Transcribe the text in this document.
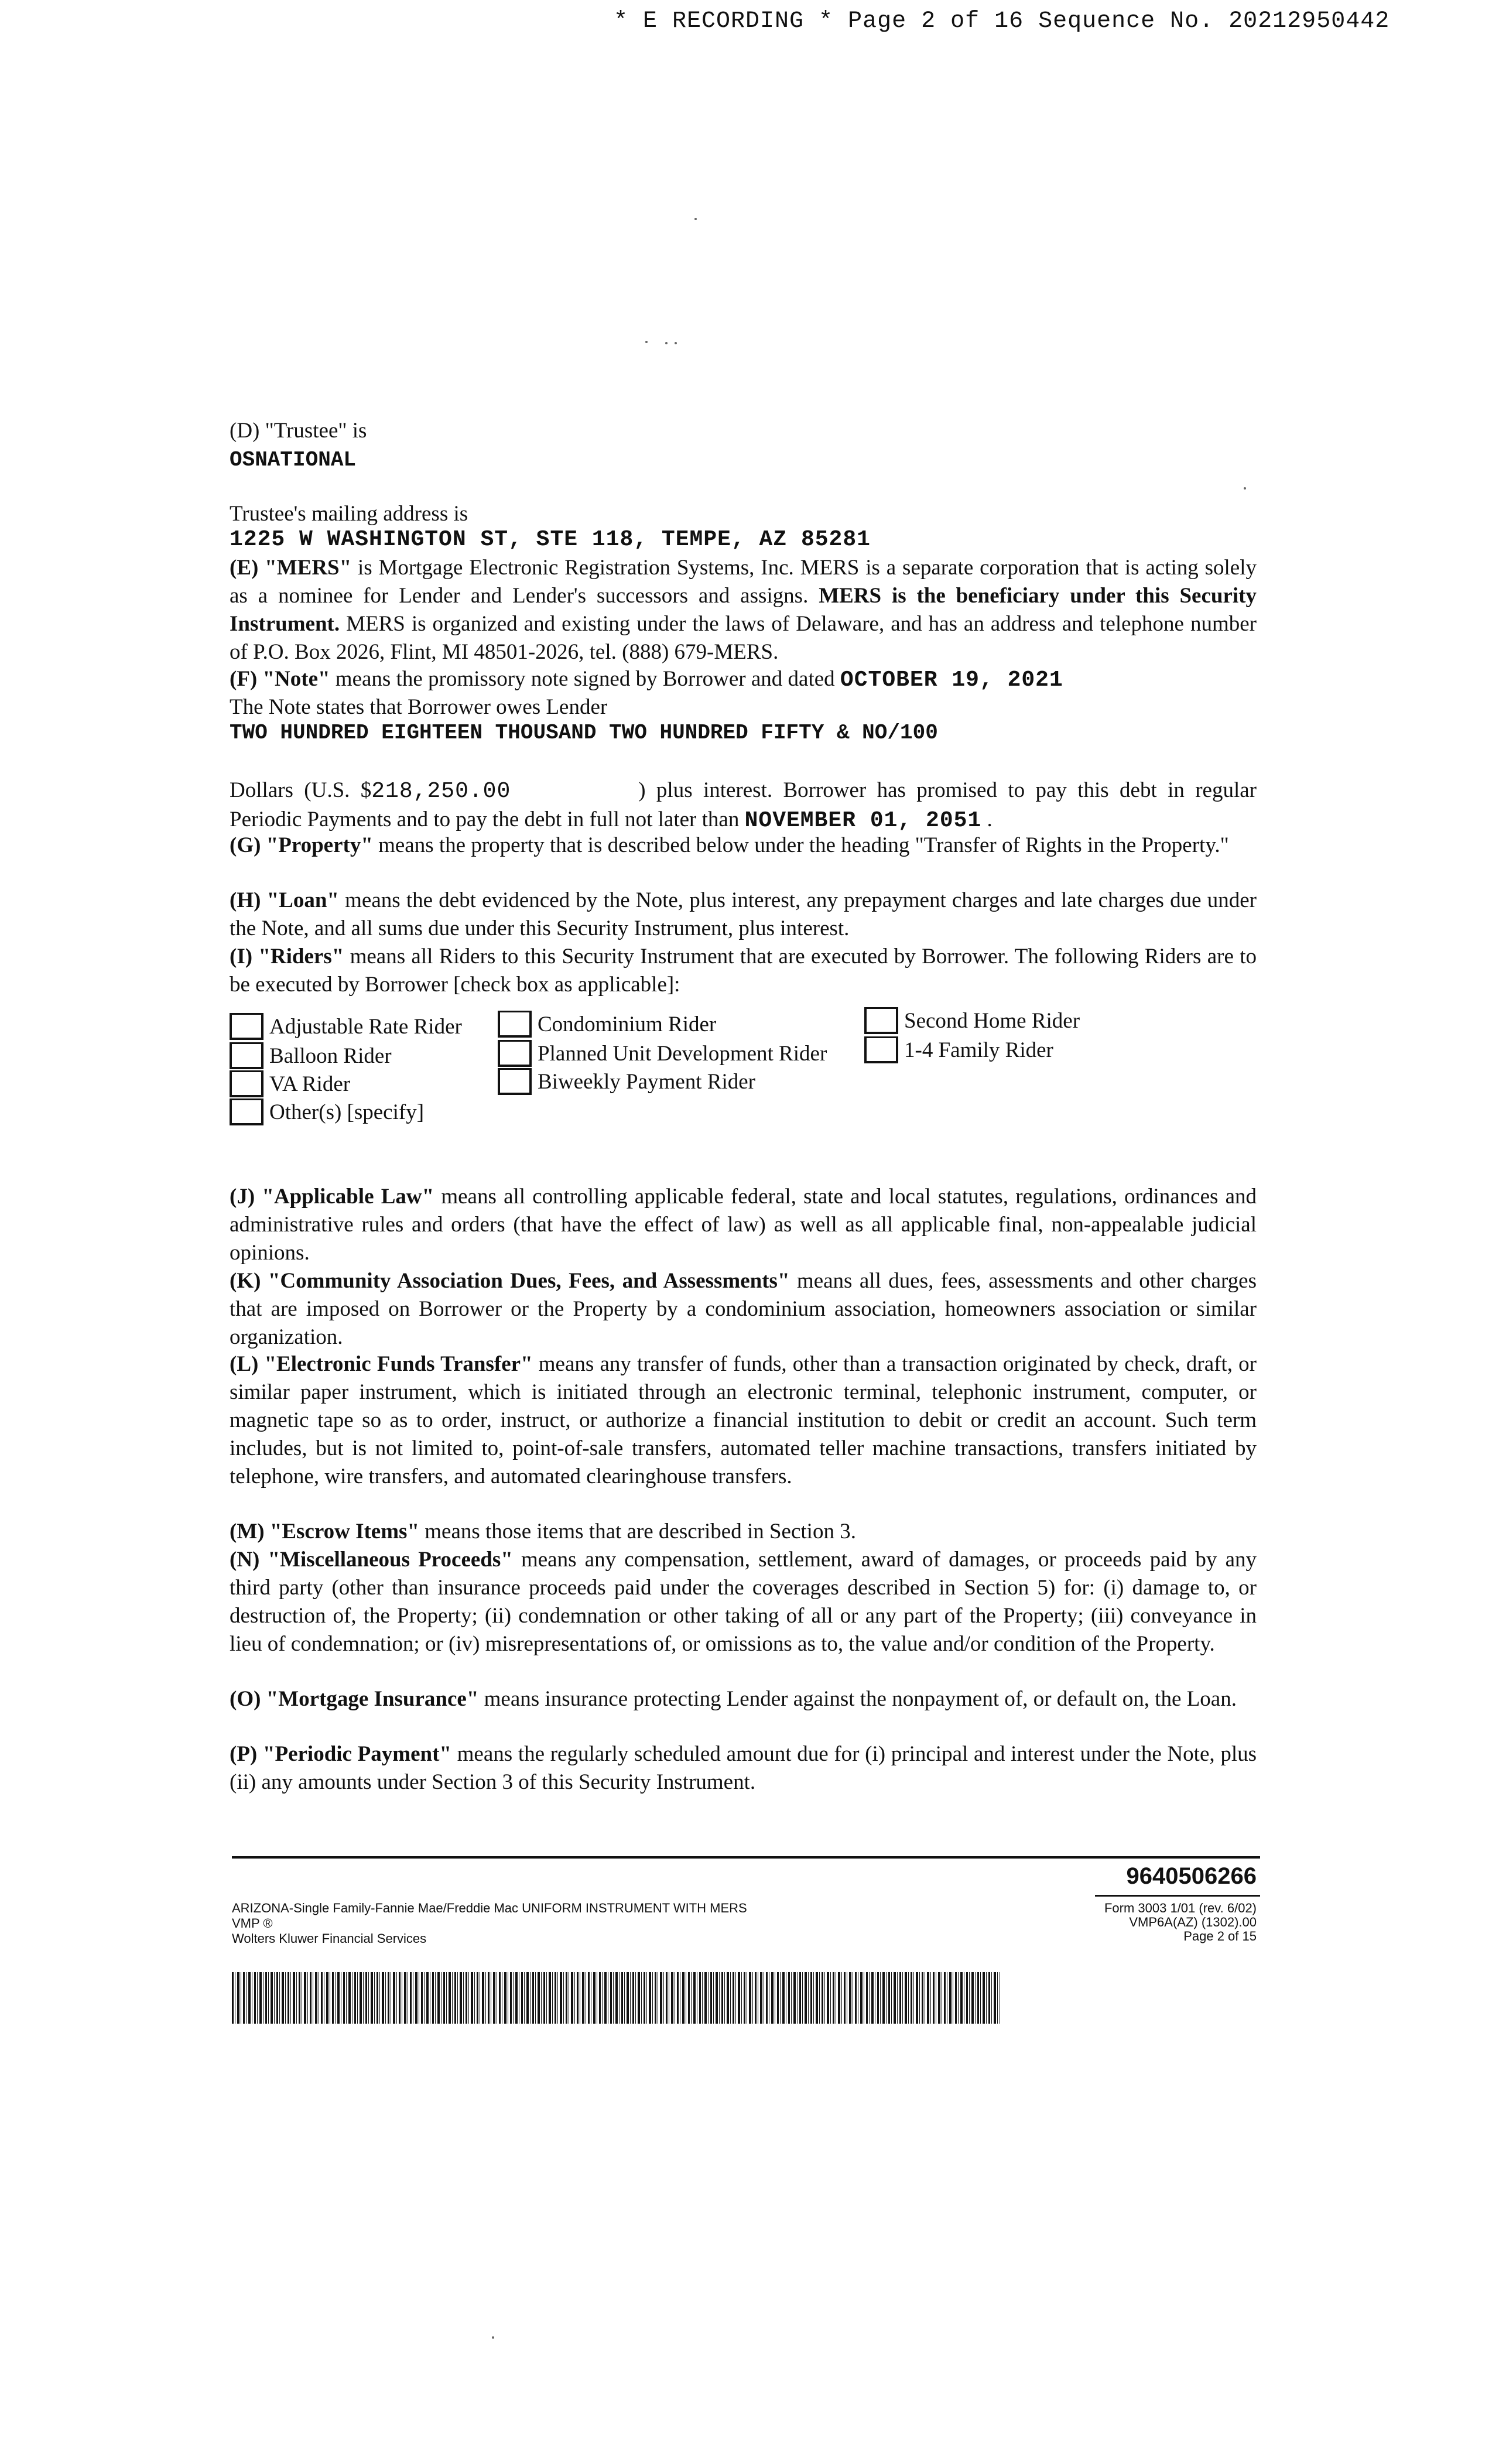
* E RECORDING * Page 2 of 16 Sequence No. 20212950442
(D) "Trustee" is
OSNATIONAL
Trustee's mailing address is
1225 W WASHINGTON ST, STE 118, TEMPE, AZ 85281
(E) "MERS" is Mortgage Electronic Registration Systems, Inc. MERS is a separate corporation that is acting solely as a nominee for Lender and Lender's successors and assigns. MERS is the beneficiary under this Security Instrument. MERS is organized and existing under the laws of Delaware, and has an address and telephone number of P.O. Box 2026, Flint, MI 48501-2026, tel. (888) 679-MERS.
(F) "Note" means the promissory note signed by Borrower and dated OCTOBER 19, 2021
The Note states that Borrower owes Lender
TWO HUNDRED EIGHTEEN THOUSAND TWO HUNDRED FIFTY & NO/100
Dollars (U.S. $218,250.00	) plus interest. Borrower has promised to pay this debt in regular Periodic Payments and to pay the debt in full not later than NOVEMBER 01, 2051 .
(G) "Property" means the property that is described below under the heading "Transfer of Rights in the Property."
(H) "Loan" means the debt evidenced by the Note, plus interest, any prepayment charges and late charges due under the Note, and all sums due under this Security Instrument, plus interest.
(I) "Riders" means all Riders to this Security Instrument that are executed by Borrower. The following Riders are to be executed by Borrower [check box as applicable]:
Adjustable Rate Rider	Condominium Rider	Second Home Rider
Balloon Rider	Planned Unit Development Rider	1-4 Family Rider
VA Rider	Biweekly Payment Rider
Other(s) [specify]
(J) "Applicable Law" means all controlling applicable federal, state and local statutes, regulations, ordinances and administrative rules and orders (that have the effect of law) as well as all applicable final, non-appealable judicial opinions.
(K) "Community Association Dues, Fees, and Assessments" means all dues, fees, assessments and other charges that are imposed on Borrower or the Property by a condominium association, homeowners association or similar organization.
(L) "Electronic Funds Transfer" means any transfer of funds, other than a transaction originated by check, draft, or similar paper instrument, which is initiated through an electronic terminal, telephonic instrument, computer, or magnetic tape so as to order, instruct, or authorize a financial institution to debit or credit an account. Such term includes, but is not limited to, point-of-sale transfers, automated teller machine transactions, transfers initiated by telephone, wire transfers, and automated clearinghouse transfers.
(M) "Escrow Items" means those items that are described in Section 3.
(N) "Miscellaneous Proceeds" means any compensation, settlement, award of damages, or proceeds paid by any third party (other than insurance proceeds paid under the coverages described in Section 5) for: (i) damage to, or destruction of, the Property; (ii) condemnation or other taking of all or any part of the Property; (iii) conveyance in lieu of condemnation; or (iv) misrepresentations of, or omissions as to, the value and/or condition of the Property.
(O) "Mortgage Insurance" means insurance protecting Lender against the nonpayment of, or default on, the Loan.
(P) "Periodic Payment" means the regularly scheduled amount due for (i) principal and interest under the Note, plus (ii) any amounts under Section 3 of this Security Instrument.
9640506266
ARIZONA-Single Family-Fannie Mae/Freddie Mac UNIFORM INSTRUMENT WITH MERS
VMP ®
Wolters Kluwer Financial Services
Form 3003 1/01 (rev. 6/02)
VMP6A(AZ) (1302).00
Page 2 of 15
